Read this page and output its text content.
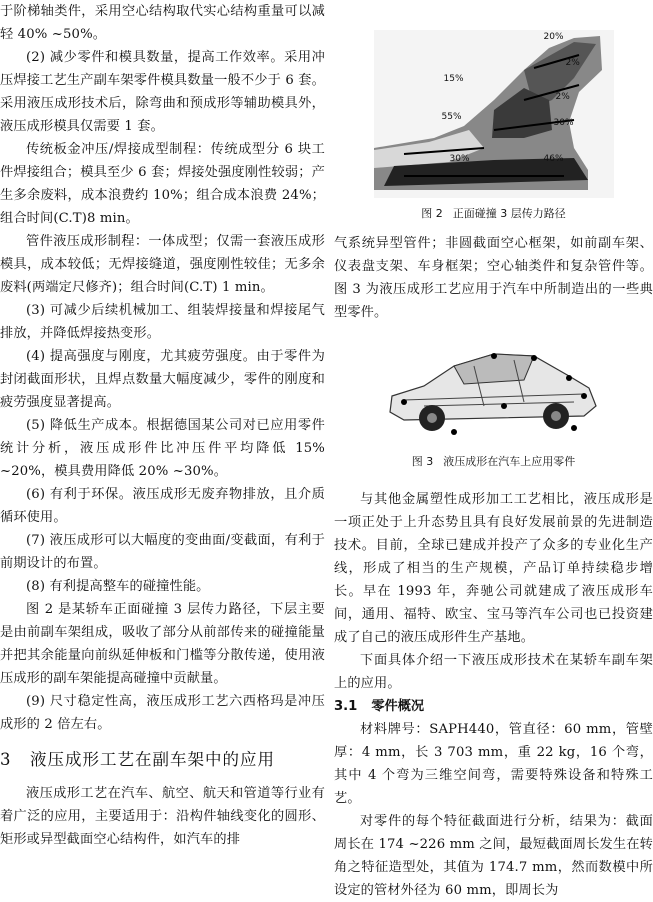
于阶梯轴类件，采用空心结构取代实心结构重量可以减轻 40% ~50%。

(2) 减少零件和模具数量，提高工作效率。采用冲压焊接工艺生产副车架零件模具数量一般不少于 6 套。采用液压成形技术后，除弯曲和预成形等辅助模具外，液压成形模具仅需要 1 套。

传统板金冲压/焊接成型制程：传统成型分 6 块工件焊接组合；模具至少 6 套；焊接处强度刚性较弱；产生多余废料，成本浪费约 10%；组合成本浪费 24%；组合时间(C.T)8 min。

管件液压成形制程：一体成型；仅需一套液压成形模具，成本较低；无焊接缝道，强度刚性较佳；无多余废料(两端定尺修齐)；组合时间(C.T) 1 min。

(3) 可减少后续机械加工、组装焊接量和焊接尾气排放，并降低焊接热变形。

(4) 提高强度与刚度，尤其疲劳强度。由于零件为封闭截面形状，且焊点数量大幅度减少，零件的刚度和疲劳强度显著提高。

(5) 降低生产成本。根据德国某公司对已应用零件统计分析，液压成形件比冲压件平均降低 15% ~20%，模具费用降低 20% ~30%。

(6) 有利于环保。液压成形无废弃物排放，且介质循环使用。

(7) 液压成形可以大幅度的变曲面/变截面，有利于前期设计的布置。

(8) 有利提高整车的碰撞性能。

图 2 是某轿车正面碰撞 3 层传力路径，下层主要是由前副车架组成，吸收了部分从前部传来的碰撞能量并把其余能量向前纵延伸板和门槛等分散传递，使用液压成形的副车架能提高碰撞中贡献量。

(9) 尺寸稳定性高，液压成形工艺六西格玛是冲压成形的 2 倍左右。

3 液压成形工艺在副车架中的应用

液压成形工艺在汽车、航空、航天和管道等行业有着广泛的应用，主要适用于：沿构件轴线变化的圆形、矩形或异型截面空心结构件，如汽车的排

20%
2%
15%
2%
55%
30%
30%	46%
图 2 正面碰撞 3 层传力路径

气系统异型管件；非圆截面空心框架，如前副车架、仪表盘支架、车身框架；空心轴类件和复杂管件等。图 3 为液压成形工艺应用于汽车中所制造出的一些典型零件。

图 3 液压成形在汽车上应用零件

与其他金属塑性成形加工工艺相比，液压成形是一项正处于上升态势且具有良好发展前景的先进制造技术。目前，全球已建成并投产了众多的专业化生产线，形成了相当的生产规模，产品订单持续稳步增长。早在 1993 年，奔驰公司就建成了液压成形车间，通用、福特、欧宝、宝马等汽车公司也已投资建成了自己的液压成形件生产基地。

下面具体介绍一下液压成形技术在某轿车副车架上的应用。

3.1 零件概况

材料牌号：SAPH440，管直径：60 mm，管壁厚：4 mm，长 3 703 mm，重 22 kg，16 个弯，其中 4 个弯为三维空间弯，需要特殊设备和特殊工艺。

对零件的每个特征截面进行分析，结果为：截面周长在 174 ~226 mm 之间，最短截面周长发生在转角之特征造型处，其值为 174.7 mm，然而数模中所设定的管材外径为 60 mm，即周长为
